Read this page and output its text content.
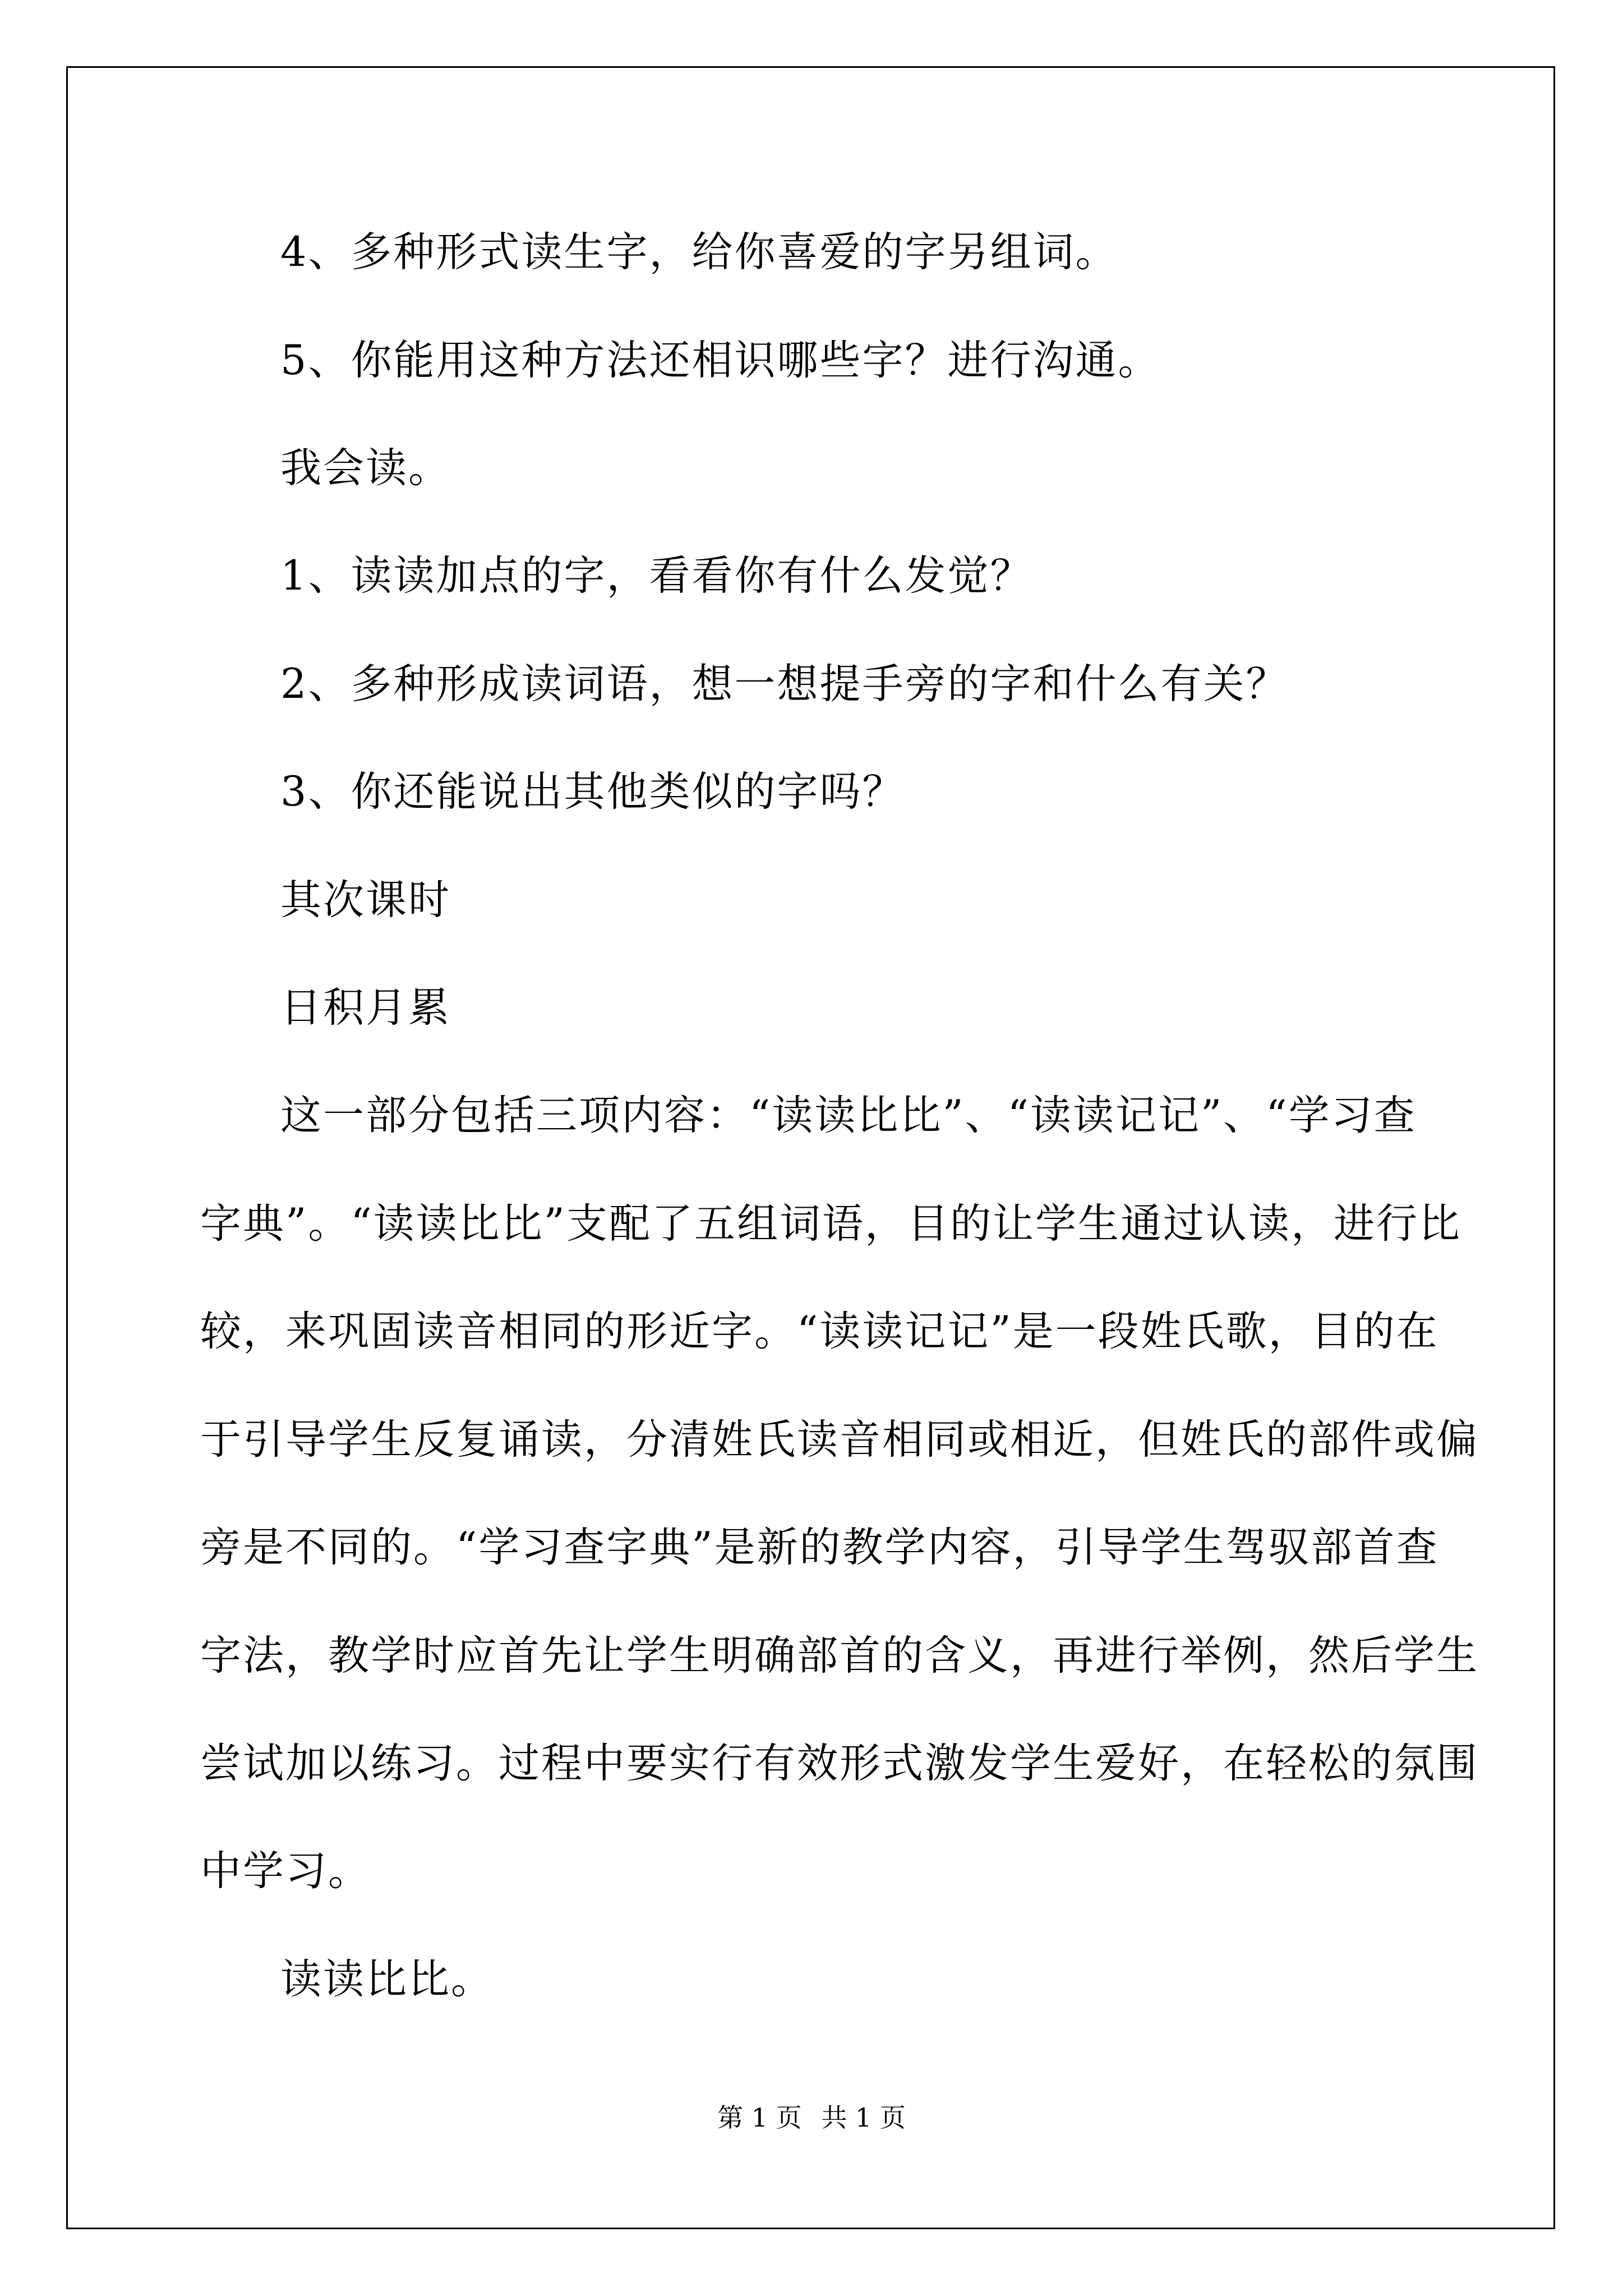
4、多种形式读生字，给你喜爱的字另组词。
5、你能用这种方法还相识哪些字？进行沟通。
我会读。
1、读读加点的字，看看你有什么发觉？
2、多种形成读词语，想一想提手旁的字和什么有关？
3、你还能说出其他类似的字吗？
其次课时
日积月累
这一部分包括三项内容：“读读比比”、“读读记记”、“学习查
字典”。“读读比比”支配了五组词语，目的让学生通过认读，进行比
较，来巩固读音相同的形近字。“读读记记”是一段姓氏歌，目的在
于引导学生反复诵读，分清姓氏读音相同或相近，但姓氏的部件或偏
旁是不同的。“学习查字典”是新的教学内容，引导学生驾驭部首查
字法，教学时应首先让学生明确部首的含义，再进行举例，然后学生
尝试加以练习。过程中要实行有效形式激发学生爱好，在轻松的氛围
中学习。
读读比比。
第 1 页 共 1 页
